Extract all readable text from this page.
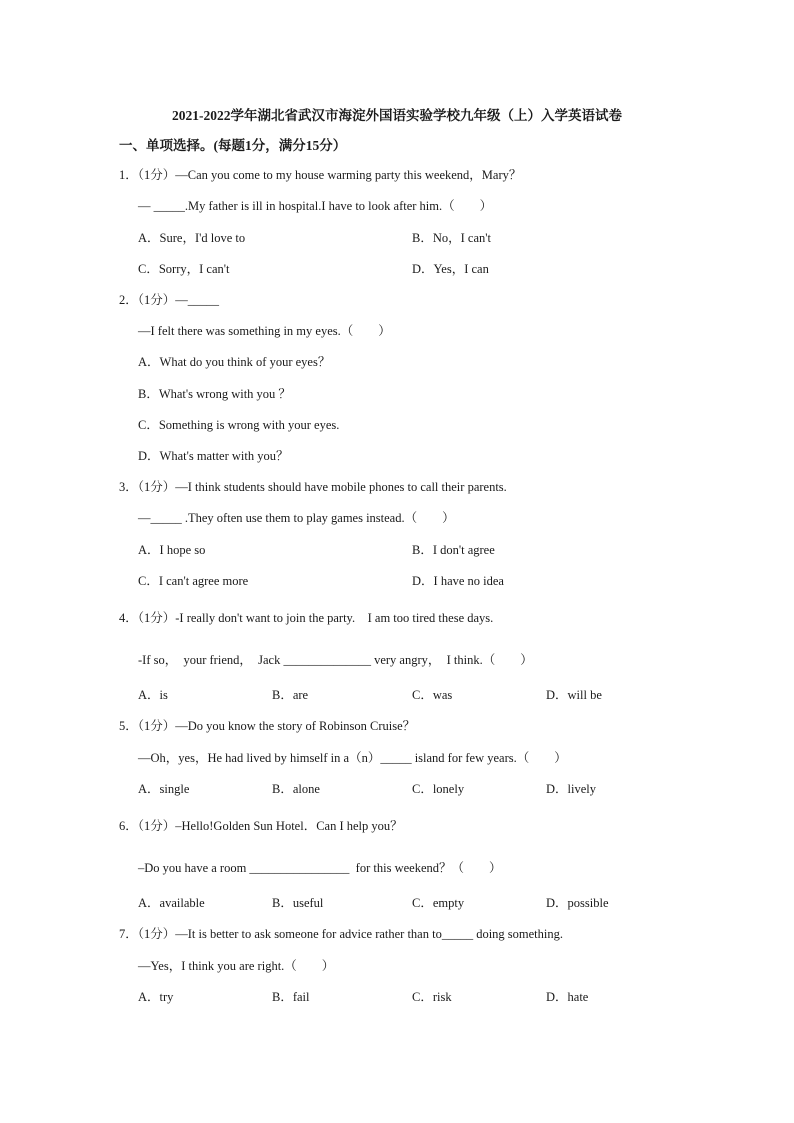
2021-2022学年湖北省武汉市海淀外国语实验学校九年级（上）入学英语试卷
一、单项选择。(每题1分，满分15分）
1．（1分）—Can you come to my house warming party this weekend，Mary？
— _____.My father is ill in hospital.I have to look after him.（　　）
A．Sure，I'd love to	B．No，I can't
C．Sorry，I can't	D．Yes，I can
2．（1分）—_____
—I felt there was something in my eyes.（　　）
A．What do you think of your eyes？
B．What's wrong with you ？
C．Something is wrong with your eyes.
D．What's matter with you？
3．（1分）—I think students should have mobile phones to call their parents.
—_____ .They often use them to play games instead.（　　）
A．I hope so	B．I don't agree
C．I can't agree more	D．I have no idea
4．（1分）-I really don't want to join the party.　I am too tired these days.
-If so，  your friend，  Jack ______________ very angry，  I think.（　　）
A．is	B．are	C．was	D．will be
5．（1分）—Do you know the story of Robinson Cruise？
—Oh，yes，He had lived by himself in a（n）_____ island for few years.（　　）
A．single	B．alone	C．lonely	D．lively
6．（1分）–Hello!Golden Sun Hotel．Can I help you？
–Do you have a room ________________  for this weekend？（　　）
A．available	B．useful	C．empty	D．possible
7．（1分）—It is better to ask someone for advice rather than to_____ doing something.
—Yes，I think you are right.（　　）
A．try	B．fail	C．risk	D．hate
